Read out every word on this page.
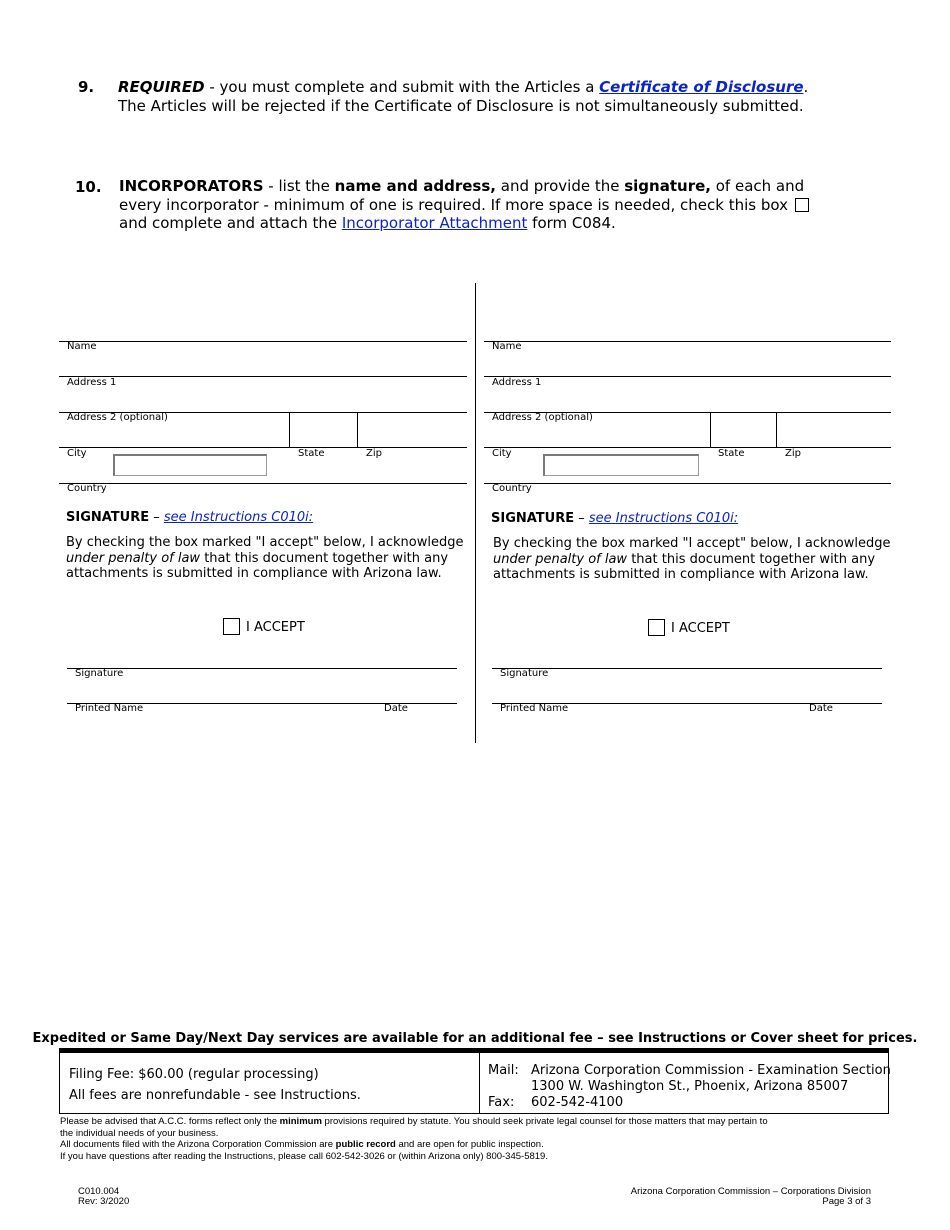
9. REQUIRED - you must complete and submit with the Articles a Certificate of Disclosure.
The Articles will be rejected if the Certificate of Disclosure is not simultaneously submitted.
10. INCORPORATORS - list the name and address, and provide the signature, of each and
every incorporator - minimum of one is required. If more space is needed, check this box
and complete and attach the Incorporator Attachment form C084.
Name
Address 1
Address 2 (optional)
City	State	Zip
Country
SIGNATURE – see Instructions C010i:
By checking the box marked "I accept" below, I acknowledge
under penalty of law that this document together with any
attachments is submitted in compliance with Arizona law.
I ACCEPT
Signature
Printed Name	Date
Name
Address 1
Address 2 (optional)
City	State	Zip
Country
SIGNATURE – see Instructions C010i:
By checking the box marked "I accept" below, I acknowledge
under penalty of law that this document together with any
attachments is submitted in compliance with Arizona law.
I ACCEPT
Signature
Printed Name	Date
Expedited or Same Day/Next Day services are available for an additional fee – see Instructions or Cover sheet for prices.
Filing Fee: $60.00 (regular processing)
All fees are nonrefundable - see Instructions.
Mail: Arizona Corporation Commission - Examination Section
1300 W. Washington St., Phoenix, Arizona 85007
Fax: 602-542-4100
Please be advised that A.C.C. forms reflect only the minimum provisions required by statute. You should seek private legal counsel for those matters that may pertain to
the individual needs of your business.
All documents filed with the Arizona Corporation Commission are public record and are open for public inspection.
If you have questions after reading the Instructions, please call 602-542-3026 or (within Arizona only) 800-345-5819.
C010.004
Rev: 3/2020
Arizona Corporation Commission – Corporations Division
Page 3 of 3
